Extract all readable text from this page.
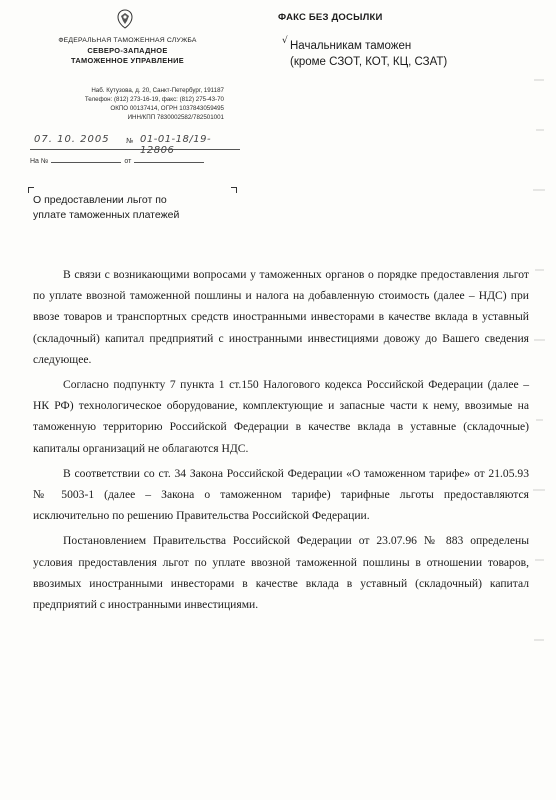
ФЕДЕРАЛЬНАЯ ТАМОЖЕННАЯ СЛУЖБА
СЕВЕРО-ЗАПАДНОЕ
ТАМОЖЕННОЕ УПРАВЛЕНИЕ
Наб. Кутузова, д. 20, Санкт-Петербург, 191187
Телефон: (812) 273-16-19, факс: (812) 275-43-70
ОКПО 00137414, ОГРН 1037843059495
ИНН/КПП 7830002582/782501001
07. 10. 2005 № 01-01-18/19-12806
На №	от
О предоставлении льгот по
уплате таможенных платежей
ФАКС БЕЗ ДОСЫЛКИ
√ Начальникам таможен
(кроме СЗОТ, КОТ, КЦ, СЗАТ)

В связи с возникающими вопросами у таможенных органов о порядке предоставления льгот по уплате ввозной таможенной пошлины и налога на добавленную стоимость (далее – НДС) при ввозе товаров и транспортных средств иностранными инвесторами в качестве вклада в уставный (складочный) капитал предприятий с иностранными инвестициями довожу до Вашего сведения следующее.

Согласно подпункту 7 пункта 1 ст.150 Налогового кодекса Российской Федерации (далее – НК РФ) технологическое оборудование, комплектующие и запасные части к нему, ввозимые на таможенную территорию Российской Федерации в качестве вклада в уставные (складочные) капиталы организаций не облагаются НДС.

В соответствии со ст. 34 Закона Российской Федерации «О таможенном тарифе» от 21.05.93 № 5003-1 (далее – Закона о таможенном тарифе) тарифные льготы предоставляются исключительно по решению Правительства Российской Федерации.

Постановлением Правительства Российской Федерации от 23.07.96 № 883 определены условия предоставления льгот по уплате ввозной таможенной пошлины в отношении товаров, ввозимых иностранными инвесторами в качестве вклада в уставный (складочный) капитал предприятий с иностранными инвестициями.
